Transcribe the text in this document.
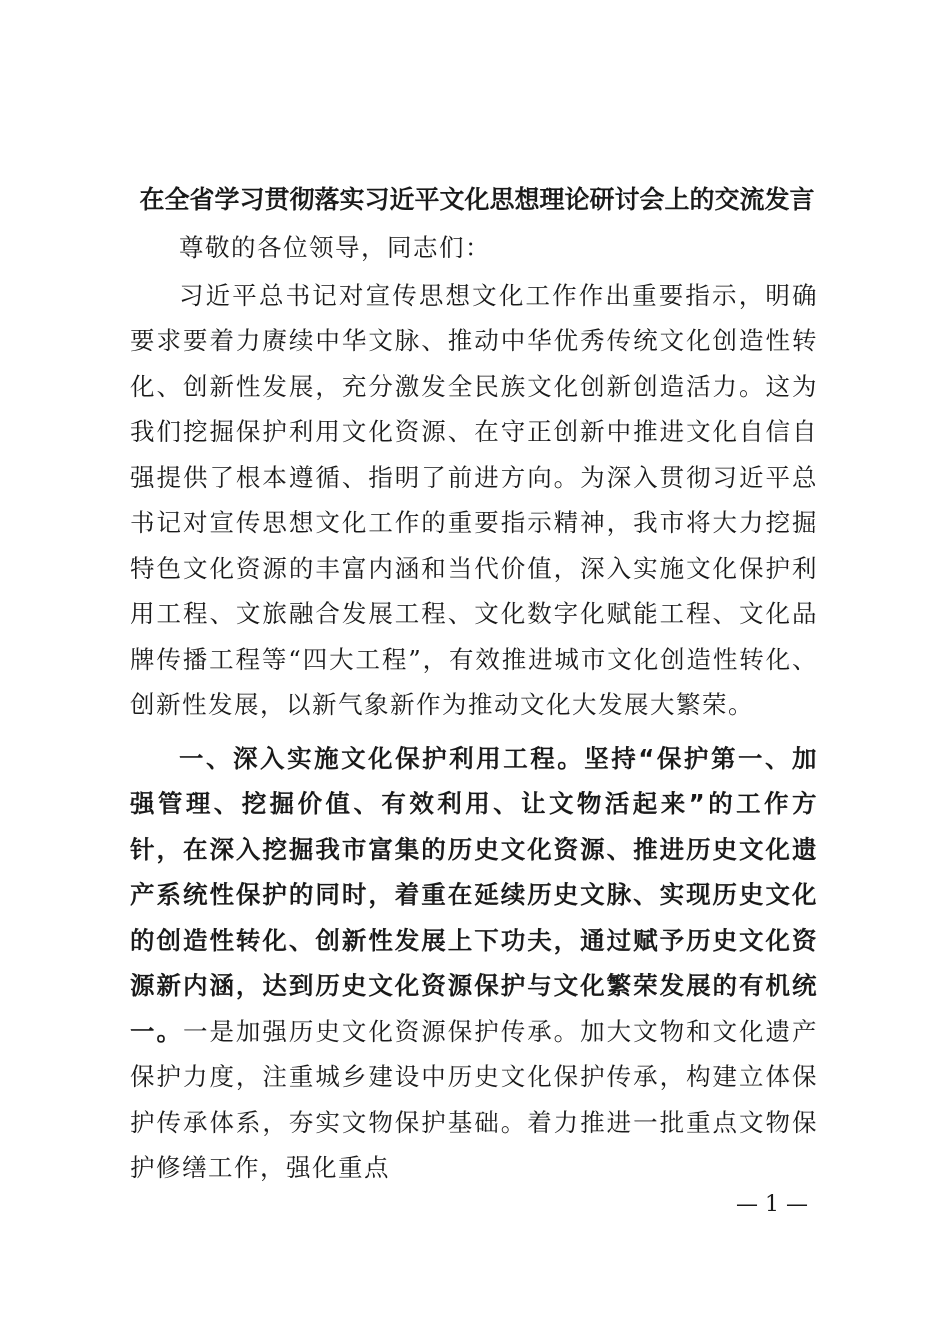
在全省学习贯彻落实习近平文化思想理论研讨会上的交流发言

尊敬的各位领导，同志们：

习近平总书记对宣传思想文化工作作出重要指示，明确要求要着力赓续中华文脉、推动中华优秀传统文化创造性转化、创新性发展，充分激发全民族文化创新创造活力。这为我们挖掘保护利用文化资源、在守正创新中推进文化自信自强提供了根本遵循、指明了前进方向。为深入贯彻习近平总书记对宣传思想文化工作的重要指示精神，我市将大力挖掘特色文化资源的丰富内涵和当代价值，深入实施文化保护利用工程、文旅融合发展工程、文化数字化赋能工程、文化品牌传播工程等“四大工程”，有效推进城市文化创造性转化、创新性发展，以新气象新作为推动文化大发展大繁荣。

一、深入实施文化保护利用工程。坚持“保护第一、加强管理、挖掘价值、有效利用、让文物活起来”的工作方针，在深入挖掘我市富集的历史文化资源、推进历史文化遗产系统性保护的同时，着重在延续历史文脉、实现历史文化的创造性转化、创新性发展上下功夫，通过赋予历史文化资源新内涵，达到历史文化资源保护与文化繁荣发展的有机统一。一是加强历史文化资源保护传承。加大文物和文化遗产保护力度，注重城乡建设中历史文化保护传承，构建立体保护传承体系，夯实文物保护基础。着力推进一批重点文物保护修缮工作，强化重点

— 1 —
